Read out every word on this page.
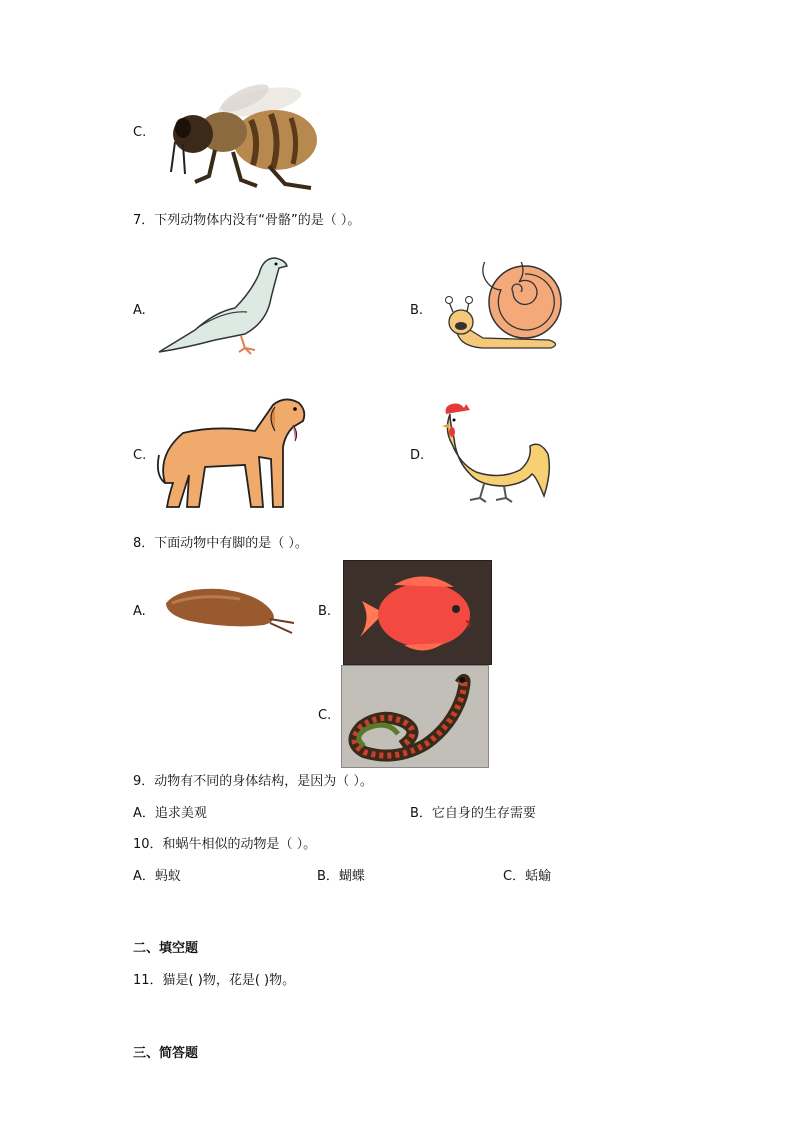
C.
7．下列动物体内没有“骨骼”的是（ ）。
A.	B.
C.	D.
8．下面动物中有脚的是（ ）。
A.	B.
C.
9．动物有不同的身体结构，是因为（ ）。
A．追求美观	B．它自身的生存需要
10．和蜗牛相似的动物是（ ）。
A．蚂蚁	B．蝴蝶	C．蛞蝓
二、填空题
11．猫是( )物，花是( )物。
三、简答题
